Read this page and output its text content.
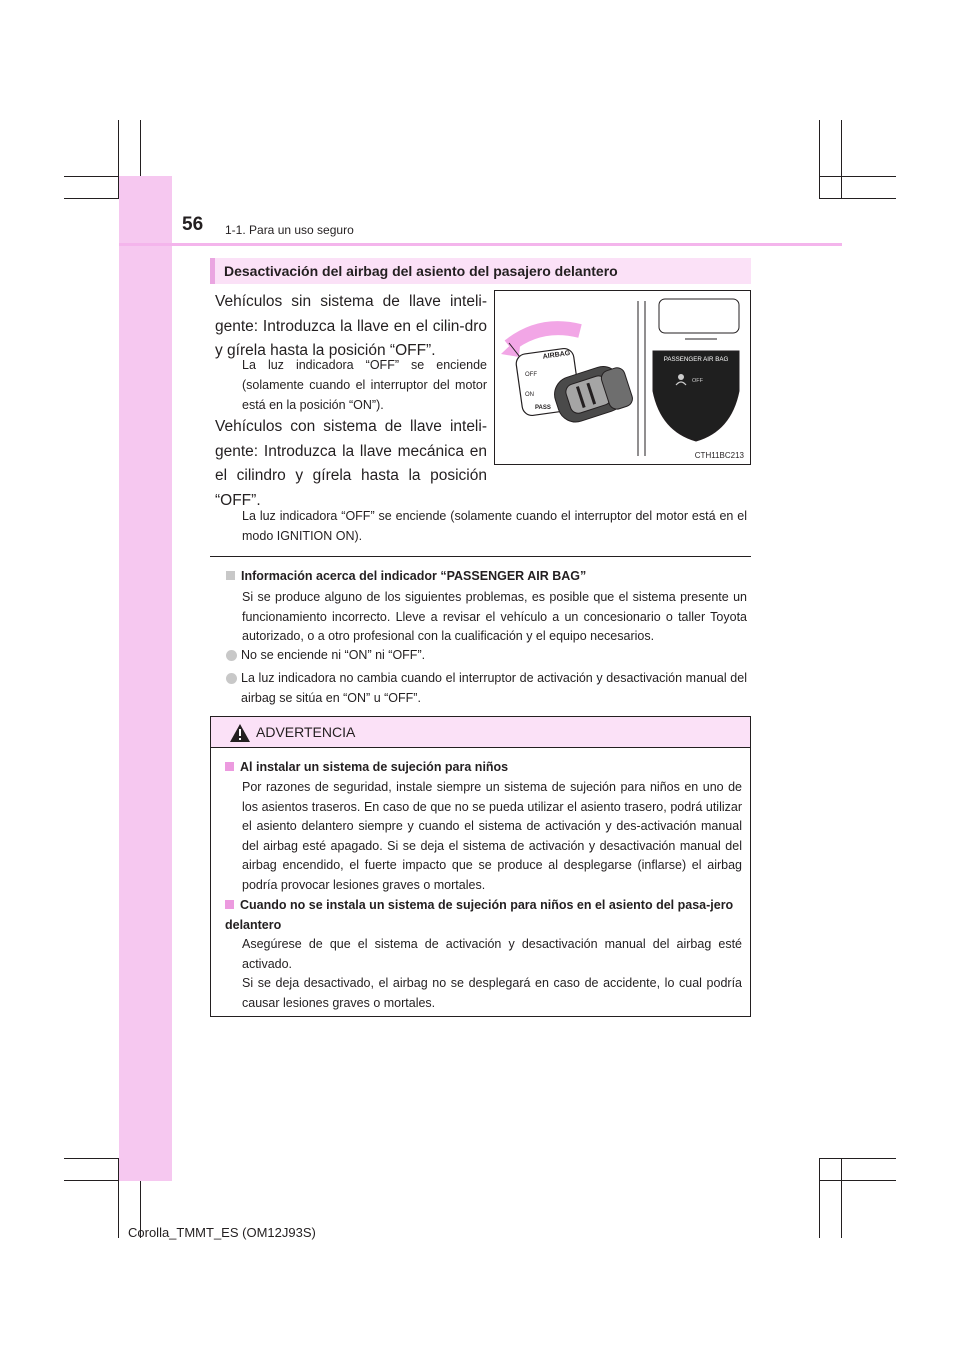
56 1-1. Para un uso seguro
Desactivación del airbag del asiento del pasajero delantero
Vehículos sin sistema de llave inteli-gente: Introduzca la llave en el cilin-dro y gírela hasta la posición “OFF”.
La luz indicadora “OFF” se enciende (solamente cuando el interruptor del motor está en la posición “ON”).
Vehículos con sistema de llave inteli-gente: Introduzca la llave mecánica en el cilindro y gírela hasta la posición “OFF”.
La luz indicadora “OFF” se enciende (solamente cuando el interruptor del motor está en el modo IGNITION ON).
AIRBAG
OFF
ON
PASS
PASSENGER AIR BAG
OFF
CTH11BC213
Información acerca del indicador “PASSENGER AIR BAG”
Si se produce alguno de los siguientes problemas, es posible que el sistema presente un funcionamiento incorrecto. Lleve a revisar el vehículo a un concesionario o taller Toyota autorizado, o a otro profesional con la cualificación y el equipo necesarios.
No se enciende ni “ON” ni “OFF”.
La luz indicadora no cambia cuando el interruptor de activación y desactivación manual del airbag se sitúa en “ON” u “OFF”.
ADVERTENCIA
Al instalar un sistema de sujeción para niños
Por razones de seguridad, instale siempre un sistema de sujeción para niños en uno de los asientos traseros. En caso de que no se pueda utilizar el asiento trasero, podrá utilizar el asiento delantero siempre y cuando el sistema de activación y des-activación manual del airbag esté apagado. Si se deja el sistema de activación y desactivación manual del airbag encendido, el fuerte impacto que se produce al desplegarse (inflarse) el airbag podría provocar lesiones graves o mortales.
Cuando no se instala un sistema de sujeción para niños en el asiento del pasa-jero delantero
Asegúrese de que el sistema de activación y desactivación manual del airbag esté activado.
Si se deja desactivado, el airbag no se desplegará en caso de accidente, lo cual podría causar lesiones graves o mortales.
Corolla_TMMT_ES (OM12J93S)
